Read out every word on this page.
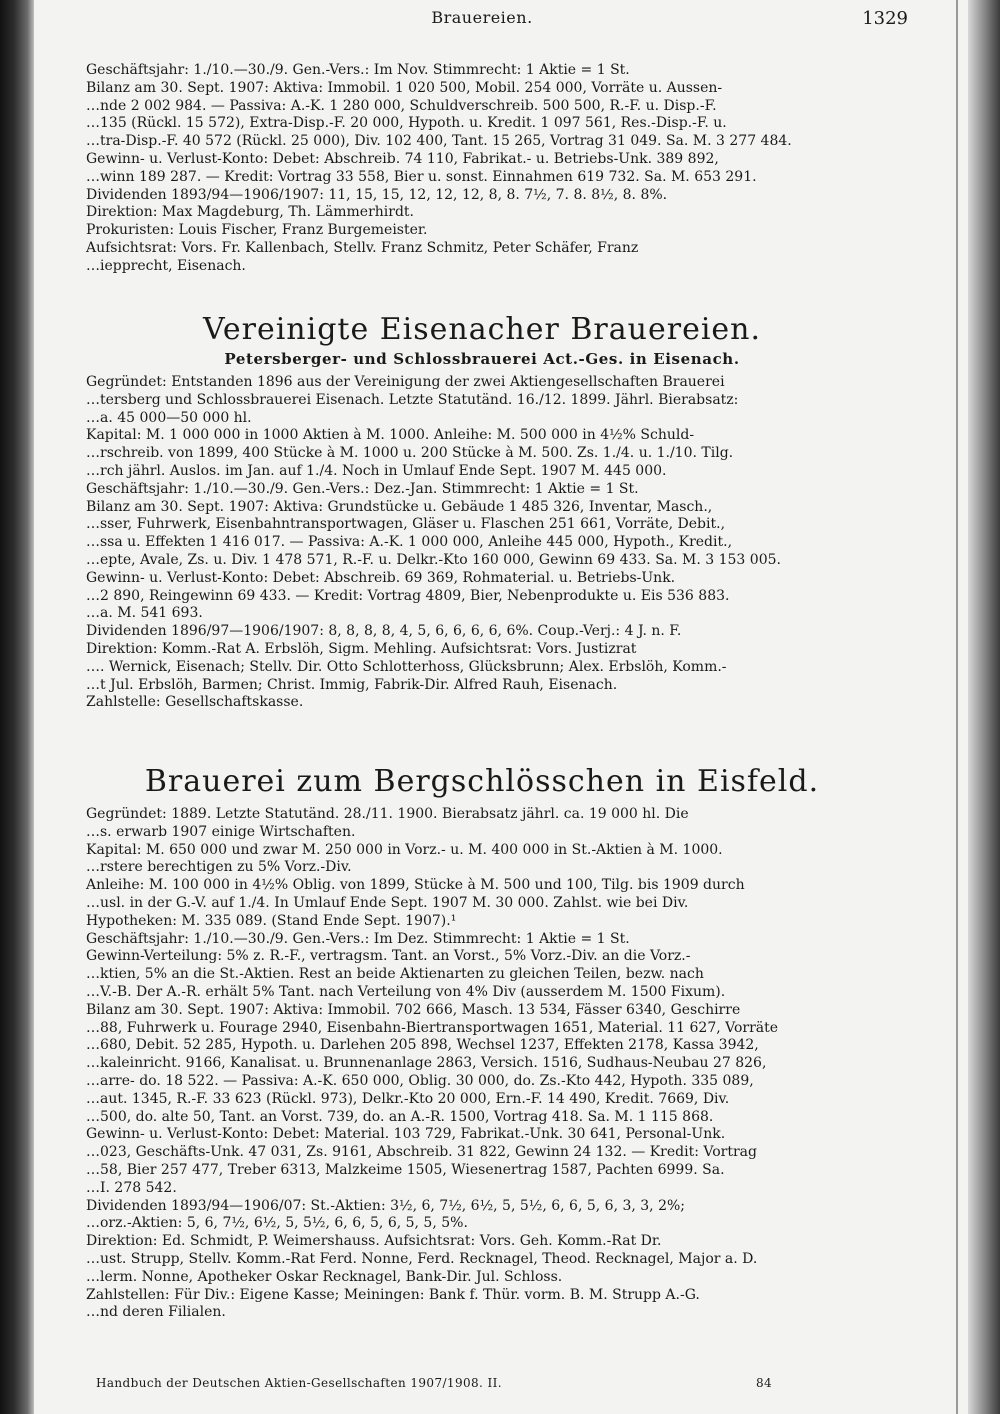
Brauereien.	1329

Geschäftsjahr: 1./10.—30./9. Gen.-Vers.: Im Nov. Stimmrecht: 1 Aktie = 1 St.

Bilanz am 30. Sept. 1907: Aktiva: Immobil. 1 020 500, Mobil. 254 000, Vorräte u. Aussen-

…nde 2 002 984. — Passiva: A.-K. 1 280 000, Schuldverschreib. 500 500, R.-F. u. Disp.-F.

…135 (Rückl. 15 572), Extra-Disp.-F. 20 000, Hypoth. u. Kredit. 1 097 561, Res.-Disp.-F. u.

…tra-Disp.-F. 40 572 (Rückl. 25 000), Div. 102 400, Tant. 15 265, Vortrag 31 049. Sa. M. 3 277 484.

Gewinn- u. Verlust-Konto: Debet: Abschreib. 74 110, Fabrikat.- u. Betriebs-Unk. 389 892,

…winn 189 287. — Kredit: Vortrag 33 558, Bier u. sonst. Einnahmen 619 732. Sa. M. 653 291.

Dividenden 1893/94—1906/1907: 11, 15, 15, 12, 12, 12, 8, 8. 7½, 7. 8. 8½, 8. 8%.

Direktion: Max Magdeburg, Th. Lämmerhirdt.

Prokuristen: Louis Fischer, Franz Burgemeister.

Aufsichtsrat: Vors. Fr. Kallenbach, Stellv. Franz Schmitz, Peter Schäfer, Franz

…iepprecht, Eisenach.

Vereinigte Eisenacher Brauereien.
Petersberger- und Schlossbrauerei Act.-Ges. in Eisenach.

Gegründet: Entstanden 1896 aus der Vereinigung der zwei Aktiengesellschaften Brauerei

…tersberg und Schlossbrauerei Eisenach. Letzte Statutänd. 16./12. 1899. Jährl. Bierabsatz:

…a. 45 000—50 000 hl.

Kapital: M. 1 000 000 in 1000 Aktien à M. 1000. Anleihe: M. 500 000 in 4½% Schuld-

…rschreib. von 1899, 400 Stücke à M. 1000 u. 200 Stücke à M. 500. Zs. 1./4. u. 1./10. Tilg.

…rch jährl. Auslos. im Jan. auf 1./4. Noch in Umlauf Ende Sept. 1907 M. 445 000.

Geschäftsjahr: 1./10.—30./9. Gen.-Vers.: Dez.-Jan. Stimmrecht: 1 Aktie = 1 St.

Bilanz am 30. Sept. 1907: Aktiva: Grundstücke u. Gebäude 1 485 326, Inventar, Masch.,

…sser, Fuhrwerk, Eisenbahntransportwagen, Gläser u. Flaschen 251 661, Vorräte, Debit.,

…ssa u. Effekten 1 416 017. — Passiva: A.-K. 1 000 000, Anleihe 445 000, Hypoth., Kredit.,

…epte, Avale, Zs. u. Div. 1 478 571, R.-F. u. Delkr.-Kto 160 000, Gewinn 69 433. Sa. M. 3 153 005.

Gewinn- u. Verlust-Konto: Debet: Abschreib. 69 369, Rohmaterial. u. Betriebs-Unk.

…2 890, Reingewinn 69 433. — Kredit: Vortrag 4809, Bier, Nebenprodukte u. Eis 536 883.

…a. M. 541 693.

Dividenden 1896/97—1906/1907: 8, 8, 8, 8, 4, 5, 6, 6, 6, 6, 6%. Coup.-Verj.: 4 J. n. F.

Direktion: Komm.-Rat A. Erbslöh, Sigm. Mehling. Aufsichtsrat: Vors. Justizrat

…. Wernick, Eisenach; Stellv. Dir. Otto Schlotterhoss, Glücksbrunn; Alex. Erbslöh, Komm.-

…t Jul. Erbslöh, Barmen; Christ. Immig, Fabrik-Dir. Alfred Rauh, Eisenach.

Zahlstelle: Gesellschaftskasse.

Brauerei zum Bergschlösschen in Eisfeld.

Gegründet: 1889. Letzte Statutänd. 28./11. 1900. Bierabsatz jährl. ca. 19 000 hl. Die

…s. erwarb 1907 einige Wirtschaften.

Kapital: M. 650 000 und zwar M. 250 000 in Vorz.- u. M. 400 000 in St.-Aktien à M. 1000.

…rstere berechtigen zu 5% Vorz.-Div.

Anleihe: M. 100 000 in 4½% Oblig. von 1899, Stücke à M. 500 und 100, Tilg. bis 1909 durch

…usl. in der G.-V. auf 1./4. In Umlauf Ende Sept. 1907 M. 30 000. Zahlst. wie bei Div.

Hypotheken: M. 335 089. (Stand Ende Sept. 1907).¹

Geschäftsjahr: 1./10.—30./9. Gen.-Vers.: Im Dez. Stimmrecht: 1 Aktie = 1 St.

Gewinn-Verteilung: 5% z. R.-F., vertragsm. Tant. an Vorst., 5% Vorz.-Div. an die Vorz.-

…ktien, 5% an die St.-Aktien. Rest an beide Aktienarten zu gleichen Teilen, bezw. nach

…V.-B. Der A.-R. erhält 5% Tant. nach Verteilung von 4% Div (ausserdem M. 1500 Fixum).

Bilanz am 30. Sept. 1907: Aktiva: Immobil. 702 666, Masch. 13 534, Fässer 6340, Geschirre

…88, Fuhrwerk u. Fourage 2940, Eisenbahn-Biertransportwagen 1651, Material. 11 627, Vorräte

…680, Debit. 52 285, Hypoth. u. Darlehen 205 898, Wechsel 1237, Effekten 2178, Kassa 3942,

…kaleinricht. 9166, Kanalisat. u. Brunnenanlage 2863, Versich. 1516, Sudhaus-Neubau 27 826,

…arre- do. 18 522. — Passiva: A.-K. 650 000, Oblig. 30 000, do. Zs.-Kto 442, Hypoth. 335 089,

…aut. 1345, R.-F. 33 623 (Rückl. 973), Delkr.-Kto 20 000, Ern.-F. 14 490, Kredit. 7669, Div.

…500, do. alte 50, Tant. an Vorst. 739, do. an A.-R. 1500, Vortrag 418. Sa. M. 1 115 868.

Gewinn- u. Verlust-Konto: Debet: Material. 103 729, Fabrikat.-Unk. 30 641, Personal-Unk.

…023, Geschäfts-Unk. 47 031, Zs. 9161, Abschreib. 31 822, Gewinn 24 132. — Kredit: Vortrag

…58, Bier 257 477, Treber 6313, Malzkeime 1505, Wiesenertrag 1587, Pachten 6999. Sa.

…I. 278 542.

Dividenden 1893/94—1906/07: St.-Aktien: 3½, 6, 7½, 6½, 5, 5½, 6, 6, 5, 6, 3, 3, 2%;

…orz.-Aktien: 5, 6, 7½, 6½, 5, 5½, 6, 6, 5, 6, 5, 5, 5%.

Direktion: Ed. Schmidt, P. Weimershauss. Aufsichtsrat: Vors. Geh. Komm.-Rat Dr.

…ust. Strupp, Stellv. Komm.-Rat Ferd. Nonne, Ferd. Recknagel, Theod. Recknagel, Major a. D.

…lerm. Nonne, Apotheker Oskar Recknagel, Bank-Dir. Jul. Schloss.

Zahlstellen: Für Div.: Eigene Kasse; Meiningen: Bank f. Thür. vorm. B. M. Strupp A.-G.

…nd deren Filialen.

Handbuch der Deutschen Aktien-Gesellschaften 1907/1908. II.	84
